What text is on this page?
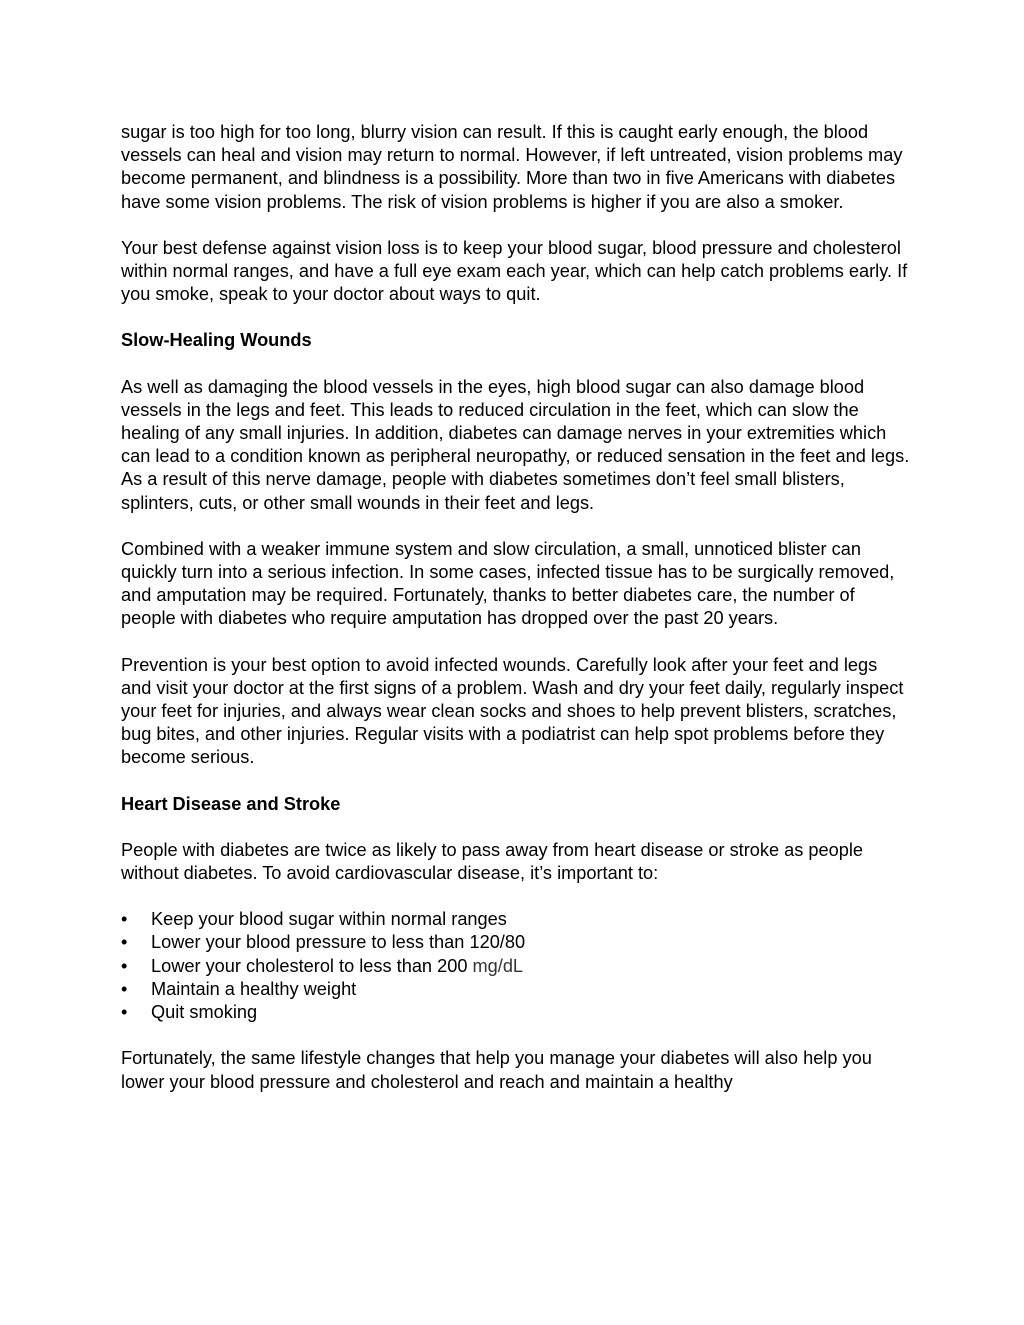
sugar is too high for too long, blurry vision can result. If this is caught early enough, the blood vessels can heal and vision may return to normal. However, if left untreated, vision problems may become permanent, and blindness is a possibility. More than two in five Americans with diabetes have some vision problems. The risk of vision problems is higher if you are also a smoker.

Your best defense against vision loss is to keep your blood sugar, blood pressure and cholesterol within normal ranges, and have a full eye exam each year, which can help catch problems early. If you smoke, speak to your doctor about ways to quit.

Slow-Healing Wounds

As well as damaging the blood vessels in the eyes, high blood sugar can also damage blood vessels in the legs and feet. This leads to reduced circulation in the feet, which can slow the healing of any small injuries. In addition, diabetes can damage nerves in your extremities which can lead to a condition known as peripheral neuropathy, or reduced sensation in the feet and legs. As a result of this nerve damage, people with diabetes sometimes don’t feel small blisters, splinters, cuts, or other small wounds in their feet and legs.

Combined with a weaker immune system and slow circulation, a small, unnoticed blister can quickly turn into a serious infection. In some cases, infected tissue has to be surgically removed, and amputation may be required. Fortunately, thanks to better diabetes care, the number of people with diabetes who require amputation has dropped over the past 20 years.

Prevention is your best option to avoid infected wounds. Carefully look after your feet and legs and visit your doctor at the first signs of a problem. Wash and dry your feet daily, regularly inspect your feet for injuries, and always wear clean socks and shoes to help prevent blisters, scratches, bug bites, and other injuries. Regular visits with a podiatrist can help spot problems before they become serious.

Heart Disease and Stroke

People with diabetes are twice as likely to pass away from heart disease or stroke as people without diabetes. To avoid cardiovascular disease, it’s important to:

• Keep your blood sugar within normal ranges
• Lower your blood pressure to less than 120/80
• Lower your cholesterol to less than 200 mg/dL
• Maintain a healthy weight
• Quit smoking

Fortunately, the same lifestyle changes that help you manage your diabetes will also help you lower your blood pressure and cholesterol and reach and maintain a healthy
